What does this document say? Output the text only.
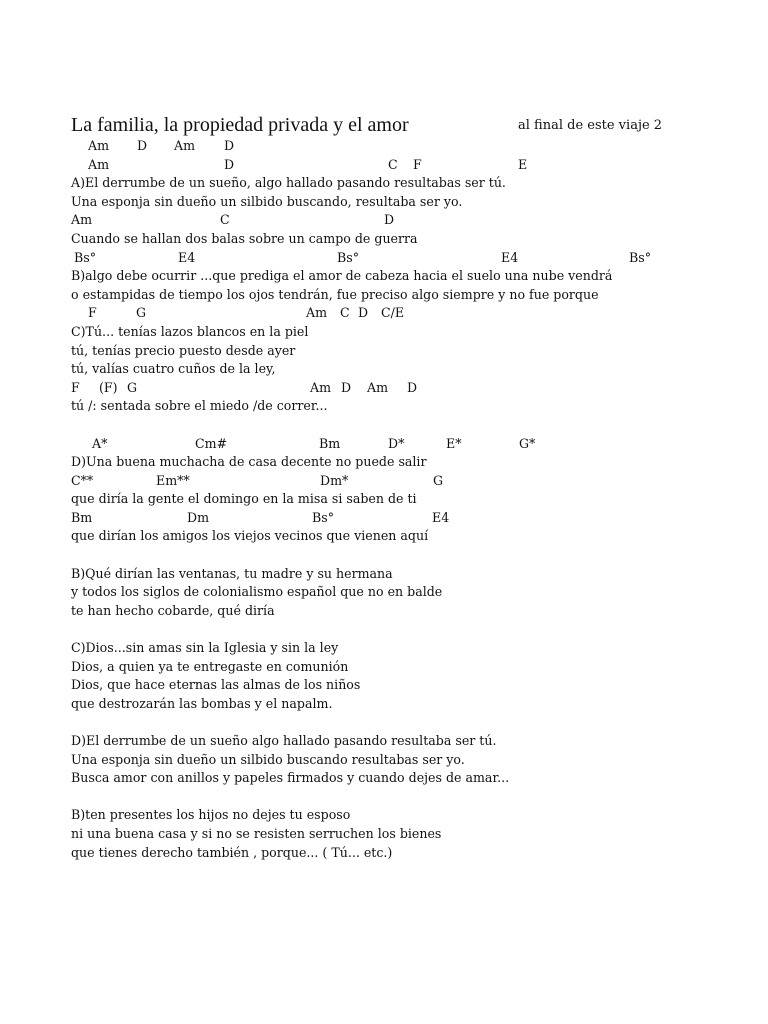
La familia, la propiedad privada y el amor	al final de este viaje 2

Am

D

Am

D

Am

	D

	C

F

	E

A)El derrumbe de un sueño, algo hallado pasando resultabas ser tú.
Una esponja sin dueño un silbido buscando, resultaba ser yo.

Am

	C

	D

Cuando se hallan dos balas sobre un campo de guerra

Bs°

	E4

	Bs°

	E4

	Bs°

B)algo debe ocurrir ...que prediga el amor de cabeza hacia el suelo una nube vendrá
o estampidas de tiempo los ojos tendrán, fue preciso algo siempre y no fue porque

F

	G

	Am

C

D

C/E

C)Tú... tenías lazos blancos en la piel
tú, tenías precio puesto desde ayer
tú, valías cuatro cuños de la ley,

F

(F)

G

	Am

D

Am

D

tú /: sentada sobre el miedo /de correr...

A*

	Cm#

	Bm

	D*

	E*

	G*

D)Una buena muchacha de casa decente no puede salir

C**

	Em**

	Dm*

	G

que diría la gente el domingo en la misa si saben de ti

Bm

	Dm

	Bs°

	E4

que dirían los amigos los viejos vecinos que vienen aquí
B)Qué dirían las ventanas, tu madre y su hermana
y todos los siglos de colonialismo español que no en balde
te han hecho cobarde, qué diría
C)Dios...sin amas sin la Iglesia y sin la ley
Dios, a quien ya te entregaste en comunión
Dios, que hace eternas las almas de los niños
que destrozarán las bombas y el napalm.
D)El derrumbe de un sueño algo hallado pasando resultaba ser tú.
Una esponja sin dueño un silbido buscando resultabas ser yo.
Busca amor con anillos y papeles firmados y cuando dejes de amar...
B)ten presentes los hijos no dejes tu esposo
ni una buena casa y si no se resisten serruchen los bienes
que tienes derecho también , porque... ( Tú... etc.)
